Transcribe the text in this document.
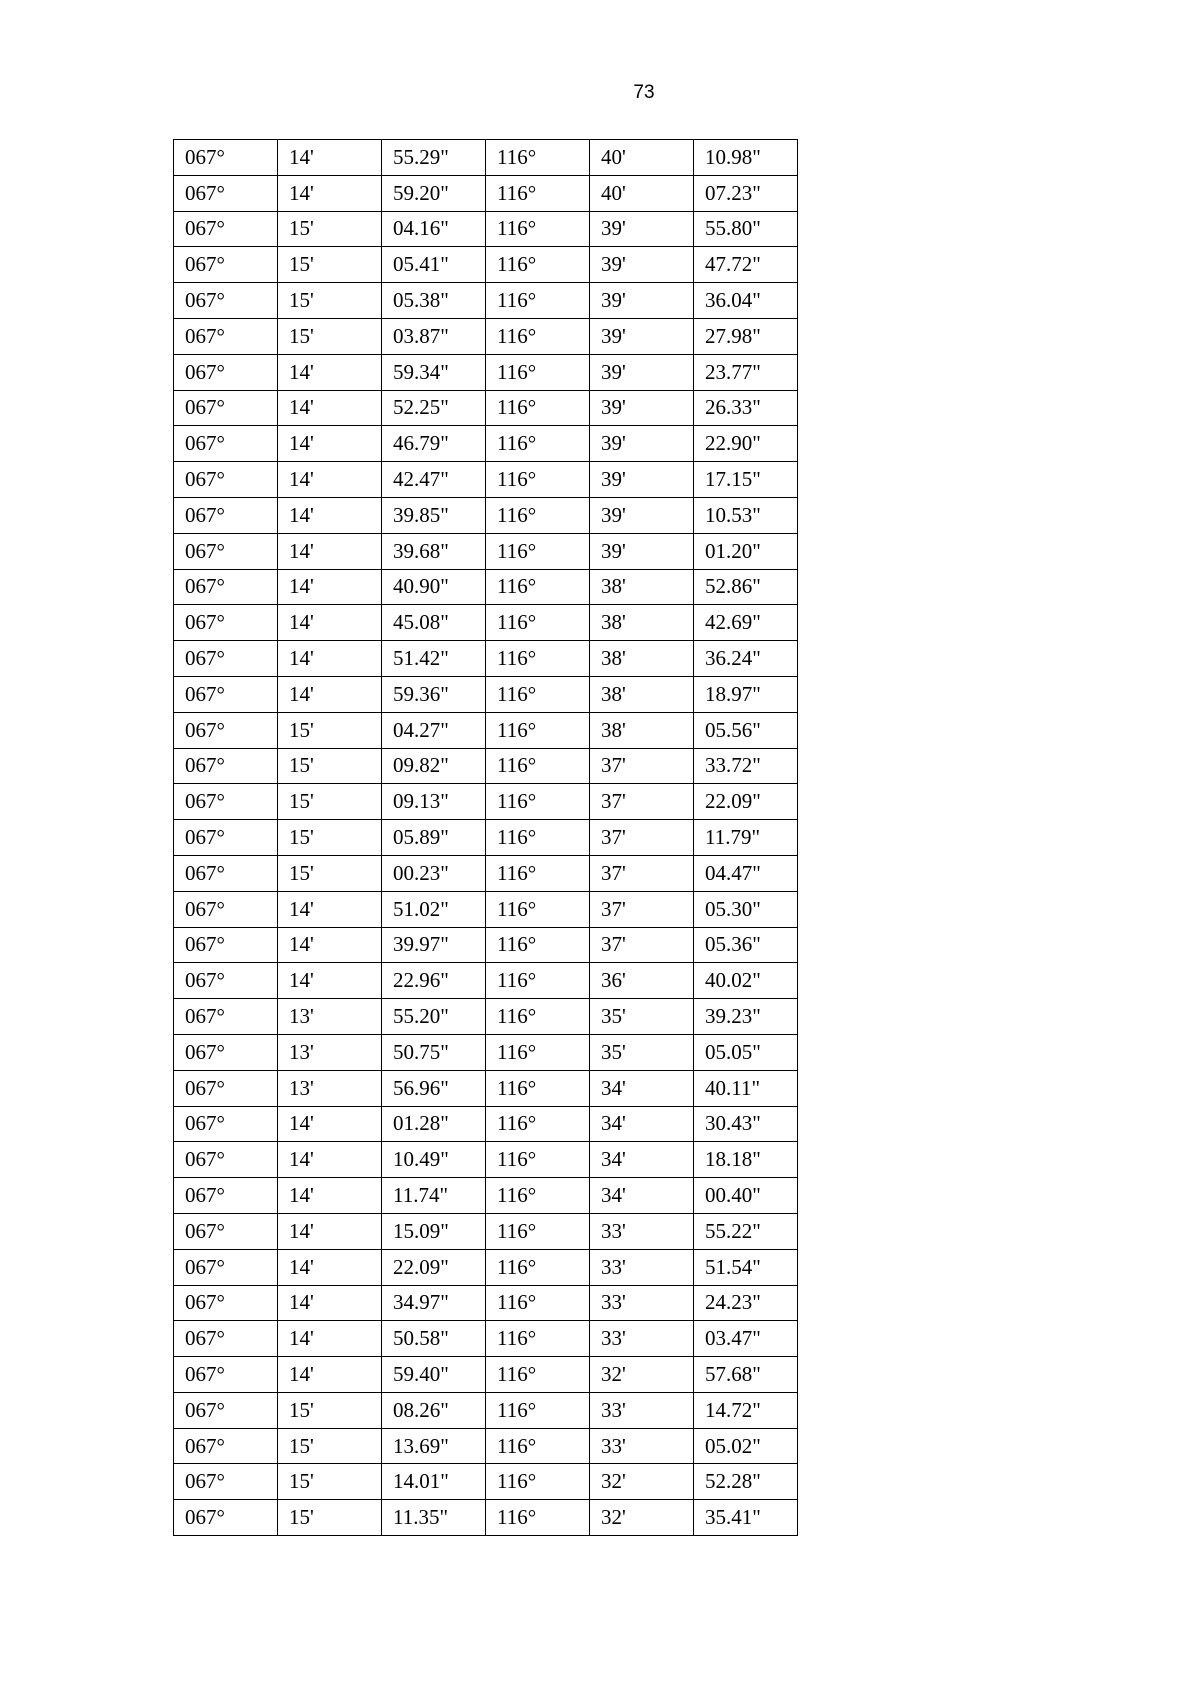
73
067°	14'	55.29"	116°	40'	10.98"
067°	14'	59.20"	116°	40'	07.23"
067°	15'	04.16"	116°	39'	55.80"
067°	15'	05.41"	116°	39'	47.72"
067°	15'	05.38"	116°	39'	36.04"
067°	15'	03.87"	116°	39'	27.98"
067°	14'	59.34"	116°	39'	23.77"
067°	14'	52.25"	116°	39'	26.33"
067°	14'	46.79"	116°	39'	22.90"
067°	14'	42.47"	116°	39'	17.15"
067°	14'	39.85"	116°	39'	10.53"
067°	14'	39.68"	116°	39'	01.20"
067°	14'	40.90"	116°	38'	52.86"
067°	14'	45.08"	116°	38'	42.69"
067°	14'	51.42"	116°	38'	36.24"
067°	14'	59.36"	116°	38'	18.97"
067°	15'	04.27"	116°	38'	05.56"
067°	15'	09.82"	116°	37'	33.72"
067°	15'	09.13"	116°	37'	22.09"
067°	15'	05.89"	116°	37'	11.79"
067°	15'	00.23"	116°	37'	04.47"
067°	14'	51.02"	116°	37'	05.30"
067°	14'	39.97"	116°	37'	05.36"
067°	14'	22.96"	116°	36'	40.02"
067°	13'	55.20"	116°	35'	39.23"
067°	13'	50.75"	116°	35'	05.05"
067°	13'	56.96"	116°	34'	40.11"
067°	14'	01.28"	116°	34'	30.43"
067°	14'	10.49"	116°	34'	18.18"
067°	14'	11.74"	116°	34'	00.40"
067°	14'	15.09"	116°	33'	55.22"
067°	14'	22.09"	116°	33'	51.54"
067°	14'	34.97"	116°	33'	24.23"
067°	14'	50.58"	116°	33'	03.47"
067°	14'	59.40"	116°	32'	57.68"
067°	15'	08.26"	116°	33'	14.72"
067°	15'	13.69"	116°	33'	05.02"
067°	15'	14.01"	116°	32'	52.28"
067°	15'	11.35"	116°	32'	35.41"
